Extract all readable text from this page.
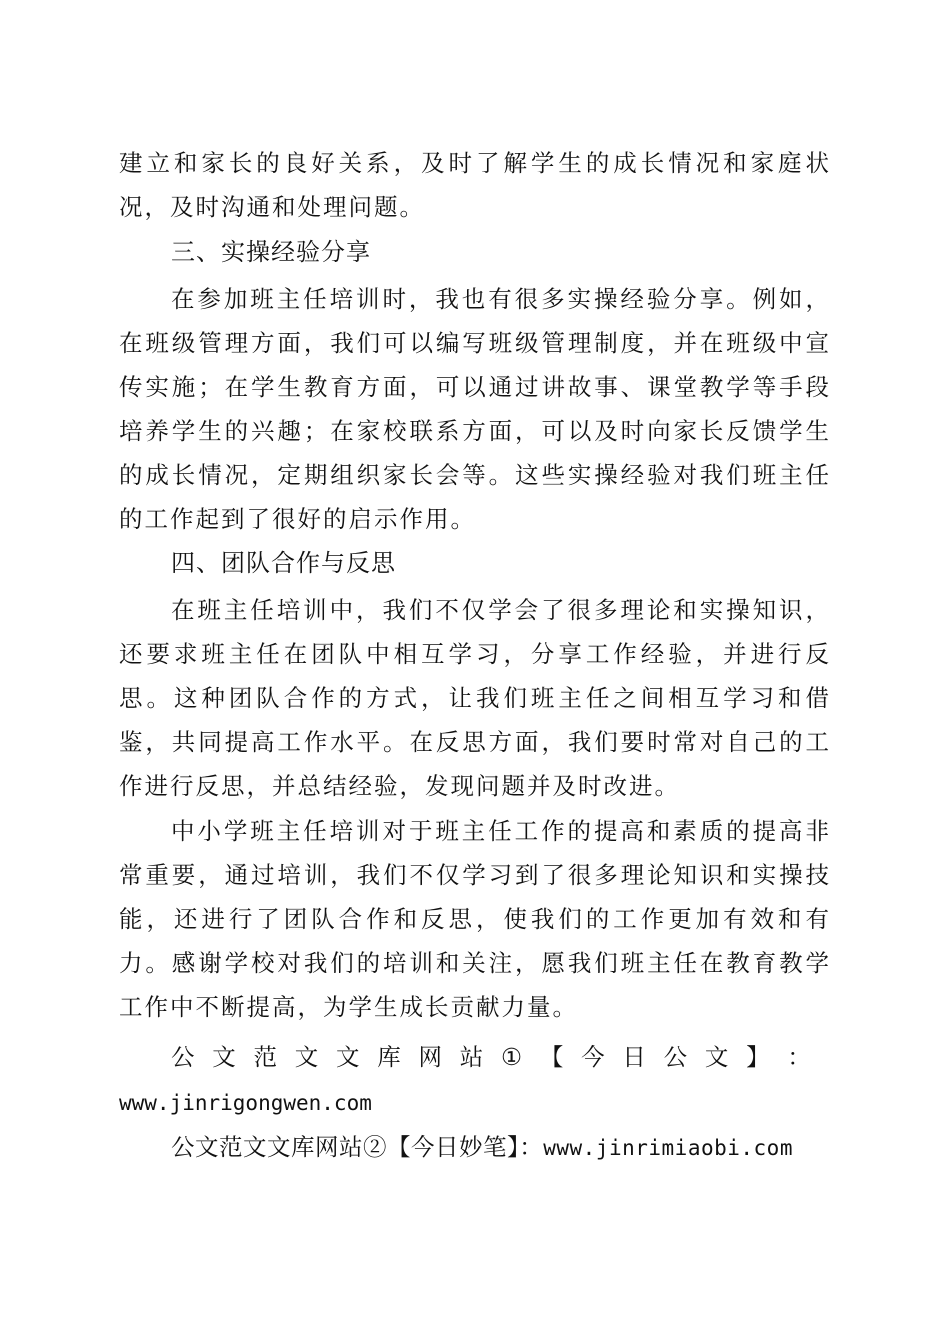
建立和家长的良好关系，及时了解学生的成长情况和家庭状况，及时沟通和处理问题。

三、实操经验分享

在参加班主任培训时，我也有很多实操经验分享。例如，在班级管理方面，我们可以编写班级管理制度，并在班级中宣传实施；在学生教育方面，可以通过讲故事、课堂教学等手段培养学生的兴趣；在家校联系方面，可以及时向家长反馈学生的成长情况，定期组织家长会等。这些实操经验对我们班主任的工作起到了很好的启示作用。

四、团队合作与反思

在班主任培训中，我们不仅学会了很多理论和实操知识，还要求班主任在团队中相互学习，分享工作经验，并进行反思。这种团队合作的方式，让我们班主任之间相互学习和借鉴，共同提高工作水平。在反思方面，我们要时常对自己的工作进行反思，并总结经验，发现问题并及时改进。

中小学班主任培训对于班主任工作的提高和素质的提高非常重要，通过培训，我们不仅学习到了很多理论知识和实操技能，还进行了团队合作和反思，使我们的工作更加有效和有力。感谢学校对我们的培训和关注，愿我们班主任在教育教学工作中不断提高，为学生成长贡献力量。

公 文 范 文 文 库 网 站 ① 【 今 日 公 文 】 ：
www.jinrigongwen.com
公文范文文库网站②【今日妙笔】：www.jinrimiaobi.com
